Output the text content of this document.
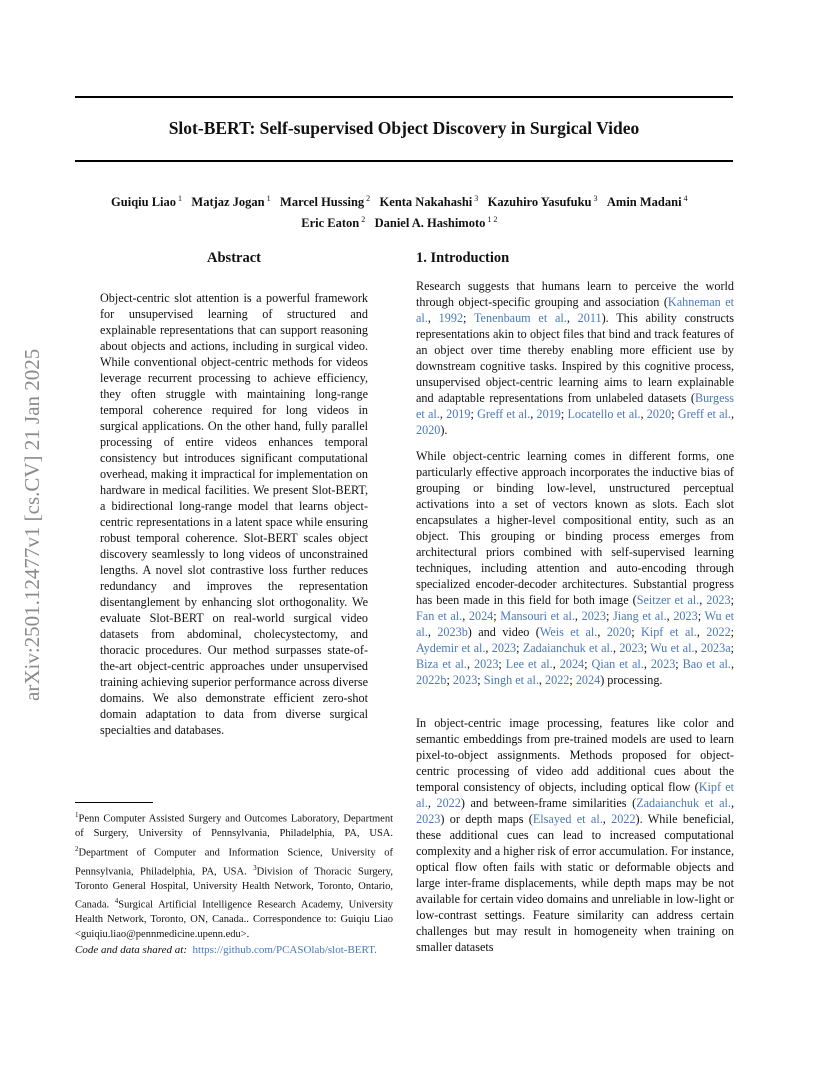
Slot-BERT: Self-supervised Object Discovery in Surgical Video
Guiqiu Liao $^1$ Matjaz Jogan $^1$ Marcel Hussing $^2$ Kenta Nakahashi $^3$ Kazuhiro Yasufuku $^3$ Amin Madani $^4$
Eric Eaton $^2$ Daniel A. Hashimoto $^{1 2}$
arXiv:2501.12477v1 [cs.CV] 21 Jan 2025
Abstract
Object-centric slot attention is a powerful framework for unsupervised learning of structured and explainable representations that can support reasoning about objects and actions, including in surgical video. While conventional object-centric methods for videos leverage recurrent processing to achieve efficiency, they often struggle with maintaining long-range temporal coherence required for long videos in surgical applications. On the other hand, fully parallel processing of entire videos enhances temporal consistency but introduces significant computational overhead, making it impractical for implementation on hardware in medical facilities. We present Slot-BERT, a bidirectional long-range model that learns object-centric representations in a latent space while ensuring robust temporal coherence. Slot-BERT scales object discovery seamlessly to long videos of unconstrained lengths. A novel slot contrastive loss further reduces redundancy and improves the representation disentanglement by enhancing slot orthogonality. We evaluate Slot-BERT on real-world surgical video datasets from abdominal, cholecystectomy, and thoracic procedures. Our method surpasses state-of-the-art object-centric approaches under unsupervised training achieving superior performance across diverse domains. We also demonstrate efficient zero-shot domain adaptation to data from diverse surgical specialties and databases.
1. Introduction
Research suggests that humans learn to perceive the world through object-specific grouping and association (Kahneman et al., 1992; Tenenbaum et al., 2011). This ability constructs representations akin to object files that bind and track features of an object over time thereby enabling more efficient use by downstream cognitive tasks. Inspired by this cognitive process, unsupervised object-centric learning aims to learn explainable and adaptable representations from unlabeled datasets (Burgess et al., 2019; Greff et al., 2019; Locatello et al., 2020; Greff et al., 2020).
While object-centric learning comes in different forms, one particularly effective approach incorporates the inductive bias of grouping or binding low-level, unstructured perceptual activations into a set of vectors known as slots. Each slot encapsulates a higher-level compositional entity, such as an object. This grouping or binding process emerges from architectural priors combined with self-supervised learning techniques, including attention and auto-encoding through specialized encoder-decoder architectures. Substantial progress has been made in this field for both image (Seitzer et al., 2023; Fan et al., 2024; Mansouri et al., 2023; Jiang et al., 2023; Wu et al., 2023b) and video (Weis et al., 2020; Kipf et al., 2022; Aydemir et al., 2023; Zadaianchuk et al., 2023; Wu et al., 2023a; Biza et al., 2023; Lee et al., 2024; Qian et al., 2023; Bao et al., 2022b; 2023; Singh et al., 2022; 2024) processing.
In object-centric image processing, features like color and semantic embeddings from pre-trained models are used to learn pixel-to-object assignments. Methods proposed for object-centric processing of video add additional cues about the temporal consistency of objects, including optical flow (Kipf et al., 2022) and between-frame similarities (Zadaianchuk et al., 2023) or depth maps (Elsayed et al., 2022). While beneficial, these additional cues can lead to increased computational complexity and a higher risk of error accumulation. For instance, optical flow often fails with static or deformable objects and large inter-frame displacements, while depth maps may be not available for certain video domains and unreliable in low-light or low-contrast settings. Feature similarity can address certain challenges but may result in homogeneity when training on smaller datasets
$^1$Penn Computer Assisted Surgery and Outcomes Laboratory, Department of Surgery, University of Pennsylvania, Philadelphia, PA, USA. $^2$Department of Computer and Information Science, University of Pennsylvania, Philadelphia, PA, USA. $^3$Division of Thoracic Surgery, Toronto General Hospital, University Health Network, Toronto, Ontario, Canada. $^4$Surgical Artificial Intelligence Research Academy, University Health Network, Toronto, ON, Canada.. Correspondence to: Guiqiu Liao <guiqiu.liao@pennmedicine.upenn.edu>.
Code and data shared at: https://github.com/PCASOlab/slot-BERT.
